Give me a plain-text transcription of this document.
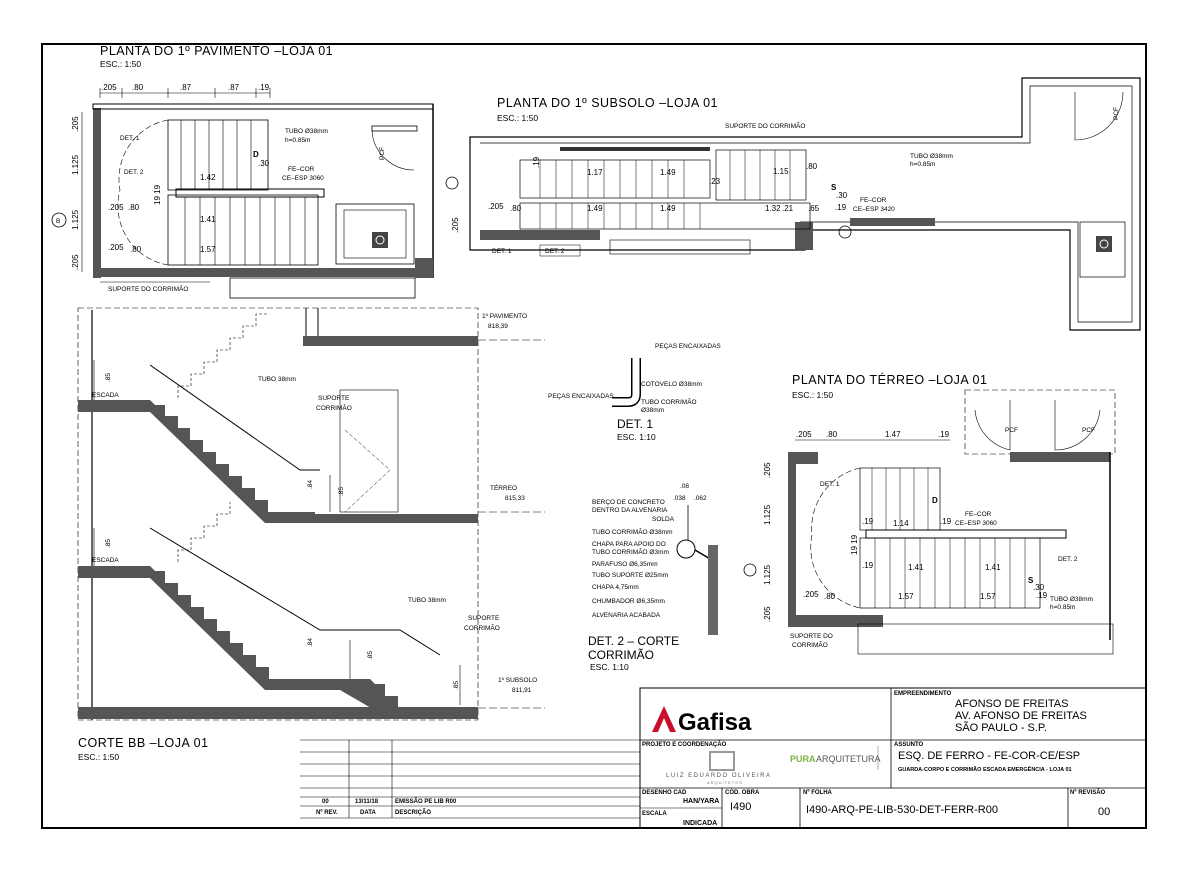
PLANTA DO 1º PAVIMENTO –LOJA 01
ESC.: 1:50
.205 .80	.87	.87 .19
.205
1.125
1.125
.205
1.42
1.41
1.57
.80
.205
.80
.205
19 19
DET. 1
DET. 2
D
.30
TUBO Ø38mm
h=0.85m
FE–COR
CE–ESP 3060
PCF
B
SUPORTE DO CORRIMÃO
PLANTA DO 1º SUBSOLO –LOJA 01
ESC.: 1:50
1.17	1.49	1.15
1.49	1.49	1.32
.23
.21 .65
.80
.80
.205
.205
.19
SUPORTE DO CORRIMÃO
TUBO Ø38mm
h=0.85m
FE–COR
CE–ESP 3420
S
.30
.19
DET. 1	DET. 2
PCF
.85
.84
.85
.85
.84
.85
.85
ESCADA
ESCADA
TUBO 38mm
SUPORTE
CORRIMÃO
TUBO 38mm
SUPORTE
CORRIMÃO
1º PAVIMENTO
818,39
TÉRREO
815,33
1º SUBSOLO
811,91
CORTE BB –LOJA 01
ESC.: 1:50
PEÇAS ENCAIXADAS
PEÇAS ENCAIXADAS
COTOVELO Ø38mm
TUBO CORRIMÃO
Ø38mm
DET. 1
ESC. 1:10
.08
.038 .062
BERÇO DE CONCRETO
DENTRO DA ALVENARIA
SOLDA
TUBO CORRIMÃO Ø38mm
CHAPA PARA APOIO DO
TUBO CORRIMÃO Ø3mm
PARAFUSO Ø6,35mm
TUBO SUPORTE Ø25mm
CHAPA 4,75mm
CHUMBADOR Ø6,35mm
ALVENARIA ACABADA
DET. 2 – CORTE
CORRIMÃO
ESC. 1:10
PLANTA DO TÉRREO –LOJA 01
ESC.: 1:50
PCF	PCF
.205 .80	1.47	.19
.205
1.125
1.125
.205
DET. 1
DET. 2
1.14
1.41	1.41
1.57	1.57
.80
.205
.19
.19
.19
19 19
D
FE–COR
CE–ESP 3060
S
.30
.19 TUBO Ø38mm
h=0.85m
SUPORTE DO
CORRIMÃO
00	13/11/18	EMISSÃO PE LIB R00
Nº REV.	DATA	DESCRIÇÃO
Gafisa
EMPREENDIMENTO
AFONSO DE FREITAS
AV. AFONSO DE FREITAS
SÃO PAULO - S.P.
PROJETO E COORDENAÇÃO
LUIZ EDUARDO OLIVEIRA
ARQUITETOS
PURA ARQUITETURA
ASSUNTO
ESQ. DE FERRO - FE-COR-CE/ESP
GUARDA-CORPO E CORRIMÃO ESCADA EMERGÊNCIA - LOJA 01
DESENHO CAD
HAN/YARA
ESCALA
INDICADA
CÓD. OBRA
I490
Nº FOLHA
I490-ARQ-PE-LIB-530-DET-FERR-R00
Nº REVISÃO
00
